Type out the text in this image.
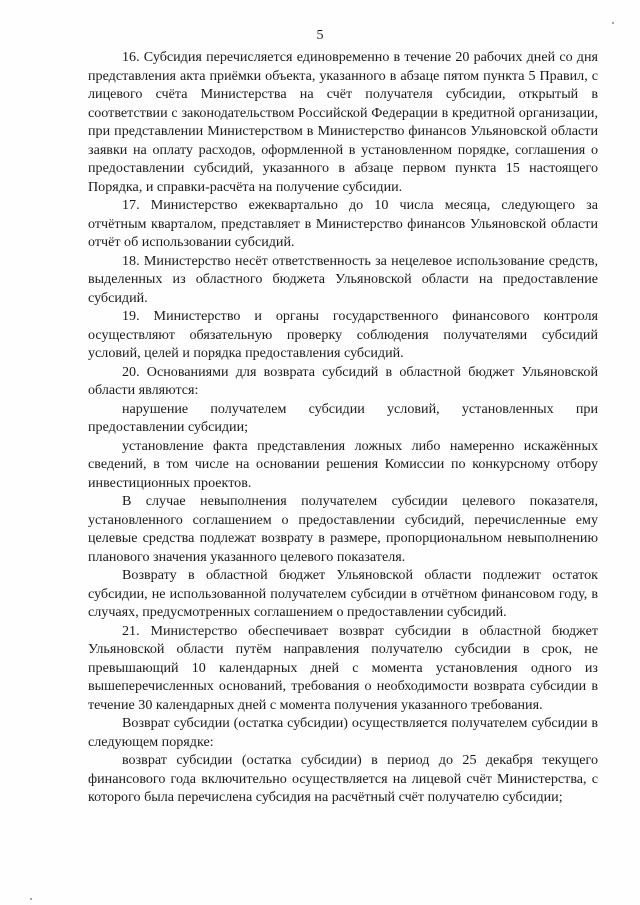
5

16. Субсидия перечисляется единовременно в течение 20 рабочих дней со дня представления акта приёмки объекта, указанного в абзаце пятом пункта 5 Правил, с лицевого счёта Министерства на счёт получателя субсидии, открытый в соответствии с законодательством Российской Федерации в кредитной организации, при представлении Министерством в Министерство финансов Ульяновской области заявки на оплату расходов, оформленной в установленном порядке, соглашения о предоставлении субсидий, указанного в абзаце первом пункта 15 настоящего Порядка, и справки-расчёта на получение субсидии.

17. Министерство ежеквартально до 10 числа месяца, следующего за отчётным кварталом, представляет в Министерство финансов Ульяновской области отчёт об использовании субсидий.

18. Министерство несёт ответственность за нецелевое использование средств, выделенных из областного бюджета Ульяновской области на предоставление субсидий.

19. Министерство и органы государственного финансового контроля осуществляют обязательную проверку соблюдения получателями субсидий условий, целей и порядка предоставления субсидий.

20. Основаниями для возврата субсидий в областной бюджет Ульяновской области являются:

нарушение получателем субсидии условий, установленных при предоставлении субсидии;

установление факта представления ложных либо намеренно искажённых сведений, в том числе на основании решения Комиссии по конкурсному отбору инвестиционных проектов.

В случае невыполнения получателем субсидии целевого показателя, установленного соглашением о предоставлении субсидий, перечисленные ему целевые средства подлежат возврату в размере, пропорциональном невыполнению планового значения указанного целевого показателя.

Возврату в областной бюджет Ульяновской области подлежит остаток субсидии, не использованной получателем субсидии в отчётном финансовом году, в случаях, предусмотренных соглашением о предоставлении субсидий.

21. Министерство обеспечивает возврат субсидии в областной бюджет Ульяновской области путём направления получателю субсидии в срок, не превышающий 10 календарных дней с момента установления одного из вышеперечисленных оснований, требования о необходимости возврата субсидии в течение 30 календарных дней с момента получения указанного требования.

Возврат субсидии (остатка субсидии) осуществляется получателем субсидии в следующем порядке:

возврат субсидии (остатка субсидии) в период до 25 декабря текущего финансового года включительно осуществляется на лицевой счёт Министерства, с которого была перечислена субсидия на расчётный счёт получателю субсидии;
